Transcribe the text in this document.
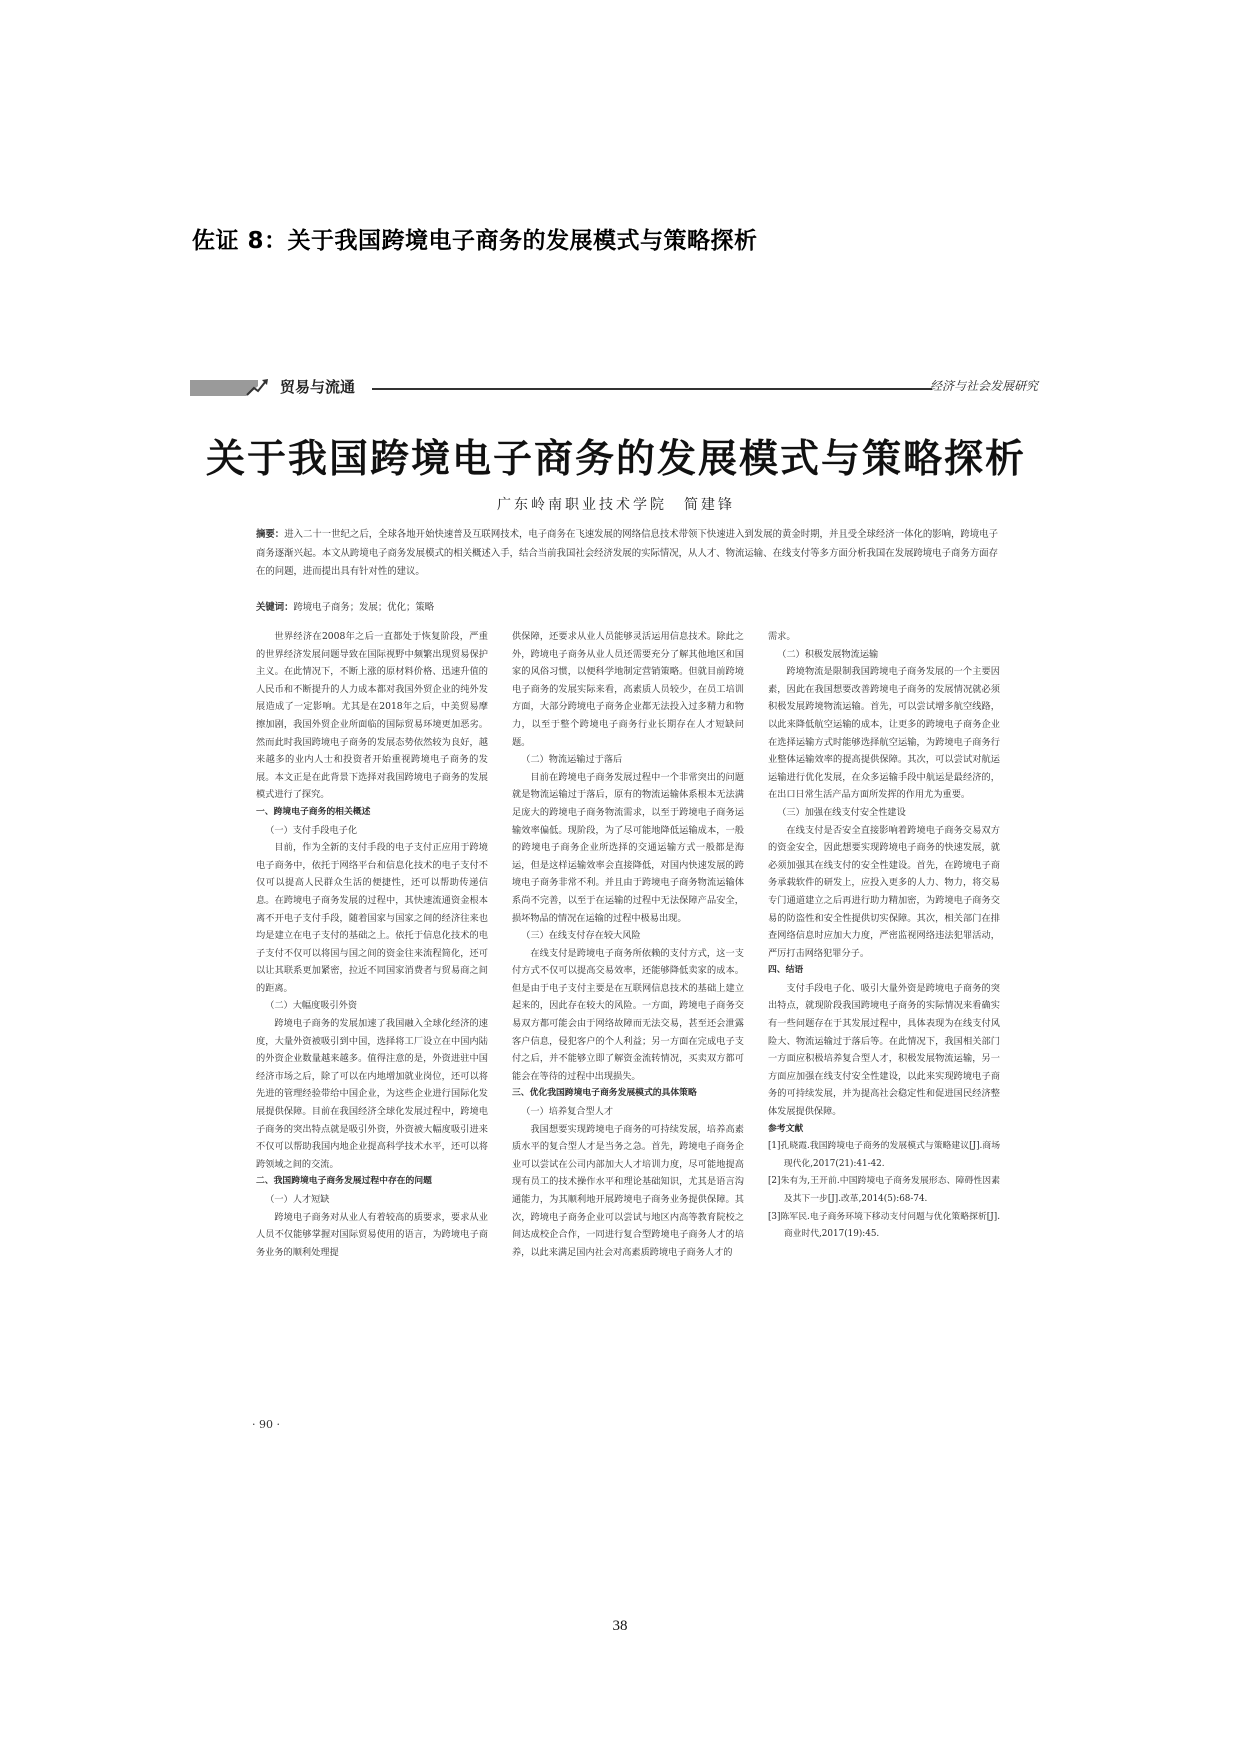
佐证 8：关于我国跨境电子商务的发展模式与策略探析
贸易与流通	经济与社会发展研究
关于我国跨境电子商务的发展模式与策略探析
广东岭南职业技术学院　简建锋
摘要：进入二十一世纪之后，全球各地开始快速普及互联网技术，电子商务在飞速发展的网络信息技术带领下快速进入到发展的黄金时期，并且受全球经济一体化的影响，跨境电子商务逐渐兴起。本文从跨境电子商务发展模式的相关概述入手，结合当前我国社会经济发展的实际情况，从人才、物流运输、在线支付等多方面分析我国在发展跨境电子商务方面存在的问题，进而提出具有针对性的建议。
关键词：跨境电子商务；发展；优化；策略

世界经济在2008年之后一直都处于恢复阶段，严重的世界经济发展问题导致在国际视野中频繁出现贸易保护主义。在此情况下，不断上涨的原材料价格、迅速升值的人民币和不断提升的人力成本都对我国外贸企业的纯外发展造成了一定影响。尤其是在2018年之后，中美贸易摩擦加剧，我国外贸企业所面临的国际贸易环境更加恶劣。然而此时我国跨境电子商务的发展态势依然较为良好，越来越多的业内人士和投资者开始重视跨境电子商务的发展。本文正是在此背景下选择对我国跨境电子商务的发展模式进行了探究。

一、跨境电子商务的相关概述

（一）支付手段电子化

目前，作为全新的支付手段的电子支付正应用于跨境电子商务中，依托于网络平台和信息化技术的电子支付不仅可以提高人民群众生活的便捷性，还可以帮助传递信息。在跨境电子商务发展的过程中，其快速流通资金根本离不开电子支付手段，随着国家与国家之间的经济往来也均是建立在电子支付的基础之上。依托于信息化技术的电子支付不仅可以将国与国之间的资金往来流程简化，还可以让其联系更加紧密，拉近不同国家消费者与贸易商之间的距离。

（二）大幅度吸引外资

跨境电子商务的发展加速了我国融入全球化经济的速度，大量外资被吸引到中国，选择将工厂设立在中国内陆的外资企业数量越来越多。值得注意的是，外资进驻中国经济市场之后，除了可以在内地增加就业岗位，还可以将先进的管理经验带给中国企业，为这些企业进行国际化发展提供保障。目前在我国经济全球化发展过程中，跨境电子商务的突出特点就是吸引外资，外资被大幅度吸引进来不仅可以帮助我国内地企业提高科学技术水平，还可以将跨领域之间的交流。

二、我国跨境电子商务发展过程中存在的问题

（一）人才短缺

跨境电子商务对从业人有着较高的质要求，要求从业人员不仅能够掌握对国际贸易使用的语言，为跨境电子商务业务的顺利处理提

供保障，还要求从业人员能够灵活运用信息技术。除此之外，跨境电子商务从业人员还需要充分了解其他地区和国家的风俗习惯，以便科学地制定营销策略。但就目前跨境电子商务的发展实际来看，高素质人员较少，在员工培训方面，大部分跨境电子商务企业都无法投入过多精力和物力，以至于整个跨境电子商务行业长期存在人才短缺问题。

（二）物流运输过于落后

目前在跨境电子商务发展过程中一个非常突出的问题就是物流运输过于落后，原有的物流运输体系根本无法满足庞大的跨境电子商务物流需求，以至于跨境电子商务运输效率偏低。现阶段，为了尽可能地降低运输成本，一般的跨境电子商务企业所选择的交通运输方式一般都是海运，但是这样运输效率会直接降低，对国内快速发展的跨境电子商务非常不利。并且由于跨境电子商务物流运输体系尚不完善，以至于在运输的过程中无法保障产品安全，损坏物品的情况在运输的过程中极易出现。

（三）在线支付存在较大风险

在线支付是跨境电子商务所依赖的支付方式，这一支付方式不仅可以提高交易效率，还能够降低卖家的成本。但是由于电子支付主要是在互联网信息技术的基础上建立起来的，因此存在较大的风险。一方面，跨境电子商务交易双方都可能会由于网络故障而无法交易，甚至还会泄露客户信息，侵犯客户的个人利益；另一方面在完成电子支付之后，并不能够立即了解资金流转情况，买卖双方都可能会在等待的过程中出现损失。

三、优化我国跨境电子商务发展模式的具体策略

（一）培养复合型人才

我国想要实现跨境电子商务的可持续发展，培养高素质水平的复合型人才是当务之急。首先，跨境电子商务企业可以尝试在公司内部加大人才培训力度，尽可能地提高现有员工的技术操作水平和理论基础知识，尤其是语言沟通能力，为其顺利地开展跨境电子商务业务提供保障。其次，跨境电子商务企业可以尝试与地区内高等教育院校之间达成校企合作，一同进行复合型跨境电子商务人才的培养，以此来满足国内社会对高素质跨境电子商务人才的

需求。

（二）积极发展物流运输

跨境物流是限制我国跨境电子商务发展的一个主要因素，因此在我国想要改善跨境电子商务的发展情况就必须积极发展跨境物流运输。首先，可以尝试增多航空线路，以此来降低航空运输的成本，让更多的跨境电子商务企业在选择运输方式时能够选择航空运输，为跨境电子商务行业整体运输效率的提高提供保障。其次，可以尝试对航运运输进行优化发展，在众多运输手段中航运是最经济的，在出口日常生活产品方面所发挥的作用尤为重要。

（三）加强在线支付安全性建设

在线支付是否安全直接影响着跨境电子商务交易双方的资金安全，因此想要实现跨境电子商务的快速发展，就必须加强其在线支付的安全性建设。首先，在跨境电子商务承载软件的研发上，应投入更多的人力、物力，将交易专门通道建立之后再进行助力精加密，为跨境电子商务交易的防盗性和安全性提供切实保障。其次，相关部门在排查网络信息时应加大力度，严密监视网络违法犯罪活动，严厉打击网络犯罪分子。

四、结语

支付手段电子化、吸引大量外资是跨境电子商务的突出特点，就现阶段我国跨境电子商务的实际情况来看确实有一些问题存在于其发展过程中，具体表现为在线支付风险大、物流运输过于落后等。在此情况下，我国相关部门一方面应积极培养复合型人才，积极发展物流运输，另一方面应加强在线支付安全性建设，以此来实现跨境电子商务的可持续发展，并为提高社会稳定性和促进国民经济整体发展提供保障。

参考文献

[1]孔晓霞.我国跨境电子商务的发展模式与策略建议[J].商场现代化,2017(21):41-42.

[2]朱有为,王开前.中国跨境电子商务发展形态、障碍性因素及其下一步[J].改革,2014(5):68-74.

[3]陈军民.电子商务环境下移动支付问题与优化策略探析[J].商业时代,2017(19):45.

· 90 ·
38
